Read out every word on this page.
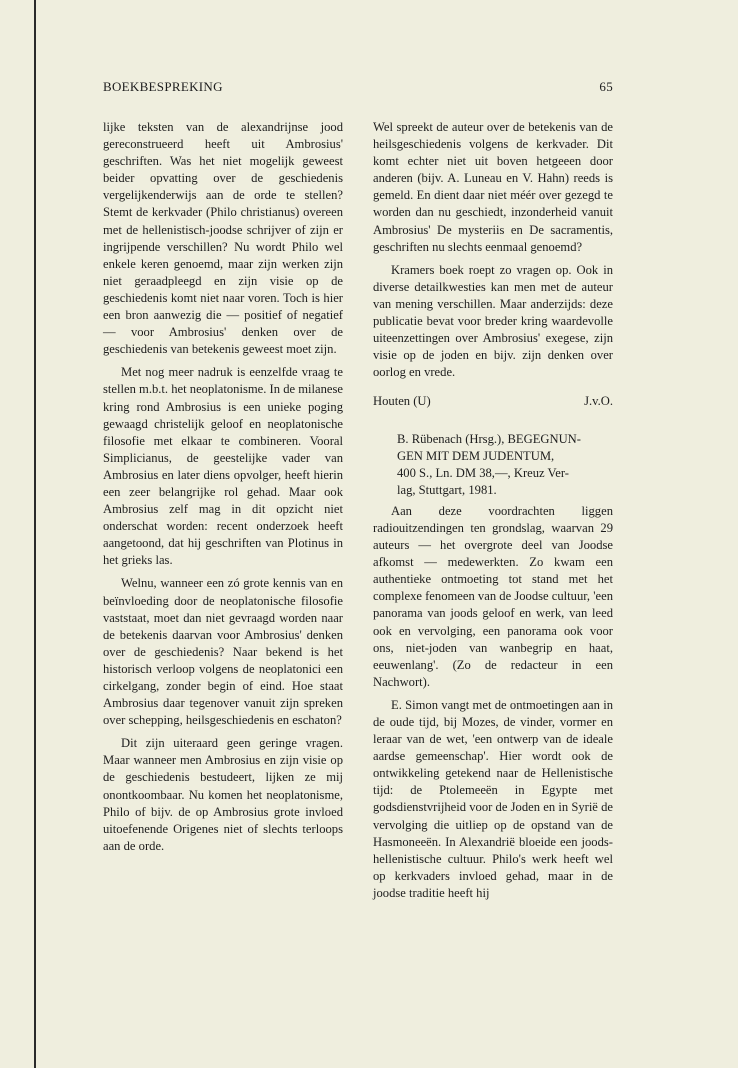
BOEKBESPREKING	65

lijke teksten van de alexandrijnse jood gereconstrueerd heeft uit Ambrosius' geschriften. Was het niet mogelijk geweest beider opvatting over de geschiedenis vergelijkenderwijs aan de orde te stellen? Stemt de kerkvader (Philo christianus) overeen met de hellenistisch-joodse schrijver of zijn er ingrijpende verschillen? Nu wordt Philo wel enkele keren genoemd, maar zijn werken zijn niet geraadpleegd en zijn visie op de geschiedenis komt niet naar voren. Toch is hier een bron aanwezig die — positief of negatief — voor Ambrosius' denken over de geschiedenis van betekenis geweest moet zijn.

Met nog meer nadruk is eenzelfde vraag te stellen m.b.t. het neoplatonisme. In de milanese kring rond Ambrosius is een unieke poging gewaagd christelijk geloof en neoplatonische filosofie met elkaar te combineren. Vooral Simplicianus, de geestelijke vader van Ambrosius en later diens opvolger, heeft hierin een zeer belangrijke rol gehad. Maar ook Ambrosius zelf mag in dit opzicht niet onderschat worden: recent onderzoek heeft aangetoond, dat hij geschriften van Plotinus in het grieks las.

Welnu, wanneer een zó grote kennis van en beïnvloeding door de neoplatonische filosofie vaststaat, moet dan niet gevraagd worden naar de betekenis daarvan voor Ambrosius' denken over de geschiedenis? Naar bekend is het historisch verloop volgens de neoplatonici een cirkelgang, zonder begin of eind. Hoe staat Ambrosius daar tegenover vanuit zijn spreken over schepping, heilsgeschiedenis en eschaton?

Dit zijn uiteraard geen geringe vragen. Maar wanneer men Ambrosius en zijn visie op de geschiedenis bestudeert, lijken ze mij onontkoombaar. Nu komen het neoplatonisme, Philo of bijv. de op Ambrosius grote invloed uitoefenende Origenes niet of slechts terloops aan de orde.

Wel spreekt de auteur over de betekenis van de heilsgeschiedenis volgens de kerkvader. Dit komt echter niet uit boven hetgeeen door anderen (bijv. A. Luneau en V. Hahn) reeds is gemeld. En dient daar niet méér over gezegd te worden dan nu geschiedt, inzonderheid vanuit Ambrosius' De mysteriis en De sacramentis, geschriften nu slechts eenmaal genoemd?

Kramers boek roept zo vragen op. Ook in diverse detailkwesties kan men met de auteur van mening verschillen. Maar anderzijds: deze publicatie bevat voor breder kring waardevolle uiteenzettingen over Ambrosius' exegese, zijn visie op de joden en bijv. zijn denken over oorlog en vrede.

Houten (U)	J.v.O.

B. Rübenach (Hrsg.), BEGEGNUN-
GEN MIT DEM JUDENTUM,
400 S., Ln. DM 38,—, Kreuz Ver-
lag, Stuttgart, 1981.

Aan deze voordrachten liggen radiouitzendingen ten grondslag, waarvan 29 auteurs — het overgrote deel van Joodse afkomst — medewerkten. Zo kwam een authentieke ontmoeting tot stand met het complexe fenomeen van de Joodse cultuur, 'een panorama van joods geloof en werk, van leed ook en vervolging, een panorama ook voor ons, niet-joden van wanbegrip en haat, eeuwenlang'. (Zo de redacteur in een Nachwort).

E. Simon vangt met de ontmoetingen aan in de oude tijd, bij Mozes, de vinder, vormer en leraar van de wet, 'een ontwerp van de ideale aardse gemeenschap'. Hier wordt ook de ontwikkeling getekend naar de Hellenistische tijd: de Ptolemeeën in Egypte met godsdienstvrijheid voor de Joden en in Syrië de vervolging die uitliep op de opstand van de Hasmoneeën. In Alexandrië bloeide een joods-hellenistische cultuur. Philo's werk heeft wel op kerkvaders invloed gehad, maar in de joodse traditie heeft hij
